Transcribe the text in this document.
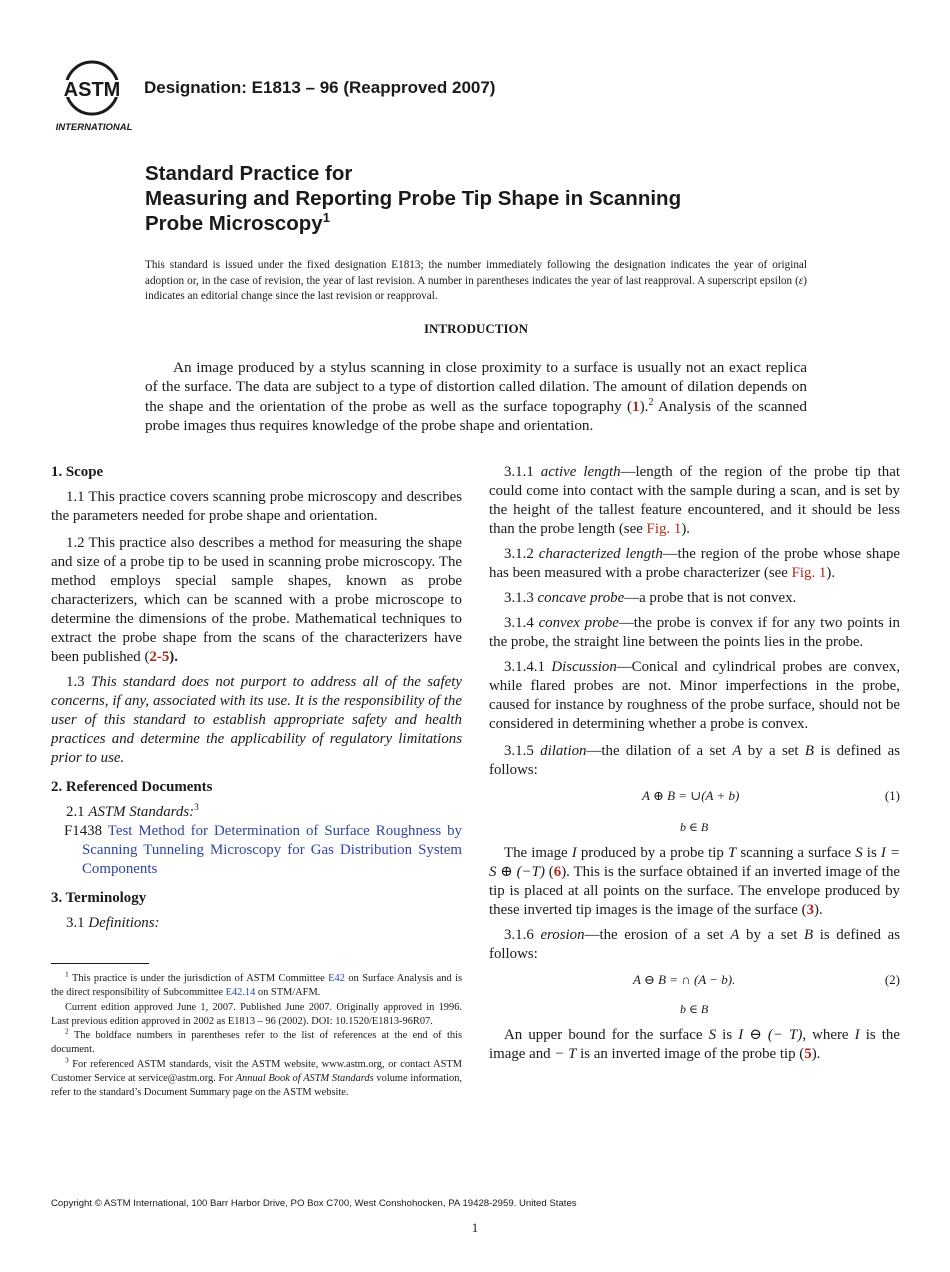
ASTM
INTERNATIONAL
Designation: E1813 – 96 (Reapproved 2007)
Standard Practice for
Measuring and Reporting Probe Tip Shape in Scanning
Probe Microscopy$^1$
This standard is issued under the fixed designation E1813; the number immediately following the designation indicates the year of original adoption or, in the case of revision, the year of last revision. A number in parentheses indicates the year of last reapproval. A superscript epsilon (ε) indicates an editorial change since the last revision or reapproval.
INTRODUCTION
An image produced by a stylus scanning in close proximity to a surface is usually not an exact replica of the surface. The data are subject to a type of distortion called dilation. The amount of dilation depends on the shape and the orientation of the probe as well as the surface topography (1).$^2$ Analysis of the scanned probe images thus requires knowledge of the probe shape and orientation.
1. Scope

1.1 This practice covers scanning probe microscopy and describes the parameters needed for probe shape and orientation.

1.2 This practice also describes a method for measuring the shape and size of a probe tip to be used in scanning probe microscopy. The method employs special sample shapes, known as probe characterizers, which can be scanned with a probe microscope to determine the dimensions of the probe. Mathematical techniques to extract the probe shape from the scans of the characterizers have been published (2-5).

1.3 This standard does not purport to address all of the safety concerns, if any, associated with its use. It is the responsibility of the user of this standard to establish appropriate safety and health practices and determine the applicability of regulatory limitations prior to use.

2. Referenced Documents

2.1 ASTM Standards:$^3$

F1438 Test Method for Determination of Surface Roughness by Scanning Tunneling Microscopy for Gas Distribution System Components

3. Terminology

3.1 Definitions:

$^1$ This practice is under the jurisdiction of ASTM Committee E42 on Surface Analysis and is the direct responsibility of Subcommittee E42.14 on STM/AFM.

Current edition approved June 1, 2007. Published June 2007. Originally approved in 1996. Last previous edition approved in 2002 as E1813 – 96 (2002). DOI: 10.1520/E1813-96R07.

$^2$ The boldface numbers in parentheses refer to the list of references at the end of this document.

$^3$ For referenced ASTM standards, visit the ASTM website, www.astm.org, or contact ASTM Customer Service at service@astm.org. For Annual Book of ASTM Standards volume information, refer to the standard’s Document Summary page on the ASTM website.

3.1.1 active length—length of the region of the probe tip that could come into contact with the sample during a scan, and is set by the height of the tallest feature encountered, and it should be less than the probe length (see Fig. 1).

3.1.2 characterized length—the region of the probe whose shape has been measured with a probe characterizer (see Fig. 1).

3.1.3 concave probe—a probe that is not convex.

3.1.4 convex probe—the probe is convex if for any two points in the probe, the straight line between the points lies in the probe.

3.1.4.1 Discussion—Conical and cylindrical probes are convex, while flared probes are not. Minor imperfections in the probe, caused for instance by roughness of the probe surface, should not be considered in determining whether a probe is convex.

3.1.5 dilation—the dilation of a set A by a set B is defined as follows:

A ⊕ B = ∪(A + b)	(1)
b ∈ B

The image I produced by a probe tip T scanning a surface S is I = S ⊕ (−T) (6). This is the surface obtained if an inverted image of the tip is placed at all points on the surface. The envelope produced by these inverted tip images is the image of the surface (3).

3.1.6 erosion—the erosion of a set A by a set B is defined as follows:

A ⊖ B = ∩ (A − b).	(2)
b ∈ B

An upper bound for the surface S is I ⊖ (− T), where I is the image and − T is an inverted image of the probe tip (5).

Copyright © ASTM International, 100 Barr Harbor Drive, PO Box C700, West Conshohocken, PA 19428-2959. United States
1
